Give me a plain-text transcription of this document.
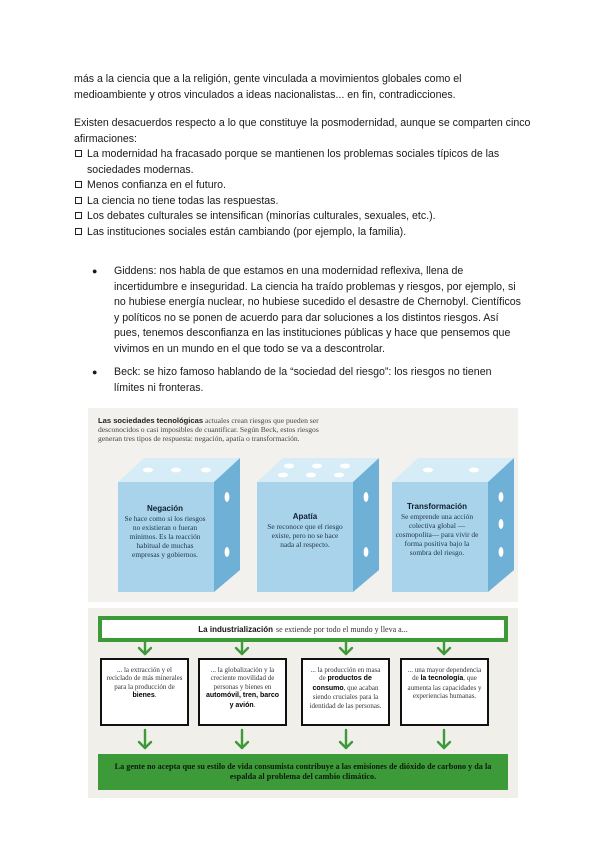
más a la ciencia que a la religión, gente vinculada a movimientos globales como el
medioambiente y otros vinculados a ideas nacionalistas... en fin, contradicciones.
Existen desacuerdos respecto a lo que constituye la posmodernidad, aunque se comparten cinco afirmaciones:
La modernidad ha fracasado porque se mantienen los problemas sociales típicos de las sociedades modernas.
Menos confianza en el futuro.
La ciencia no tiene todas las respuestas.
Los debates culturales se intensifican (minorías culturales, sexuales, etc.).
Las instituciones sociales están cambiando (por ejemplo, la familia).
●	Giddens: nos habla de que estamos en una modernidad reflexiva, llena de incertidumbre e inseguridad. La ciencia ha traído problemas y riesgos, por ejemplo, si no hubiese energía nuclear, no hubiese sucedido el desastre de Chernobyl. Científicos y políticos no se ponen de acuerdo para dar soluciones a los distintos riesgos. Así pues, tenemos desconfianza en las instituciones públicas y hace que pensemos que vivimos en un mundo en el que todo se va a descontrolar.
●	Beck: se hizo famoso hablando de la “sociedad del riesgo”: los riesgos no tienen límites ni fronteras.
Las sociedades tecnológicas actuales crean riesgos que pueden ser desconocidos o casi imposibles de cuantificar. Según Beck, estos riesgos generan tres tipos de respuesta: negación, apatía o transformación.
Negación
Se hace como si los riesgos no existieran o fueran mínimos. Es la reacción habitual de muchas empresas y gobiernos.
Apatía
Se reconoce que el riesgo existe, pero no se hace nada al respecto.
Transformación
Se emprende una acción colectiva global —cosmopolita— para vivir de forma positiva bajo la sombra del riesgo.
La industrialización se extiende por todo el mundo y lleva a...
... la extracción y el reciclado de más minerales para la producción de bienes.
... la globalización y la creciente movilidad de personas y bienes en automóvil, tren, barco y avión.
... la producción en masa de productos de consumo, que acaban siendo cruciales para la identidad de las personas.
... una mayor dependencia de la tecnología, que aumenta las capacidades y experiencias humanas.
La gente no acepta que su estilo de vida consumista contribuye a las emisiones de dióxido de carbono y da la espalda al problema del cambio climático.
